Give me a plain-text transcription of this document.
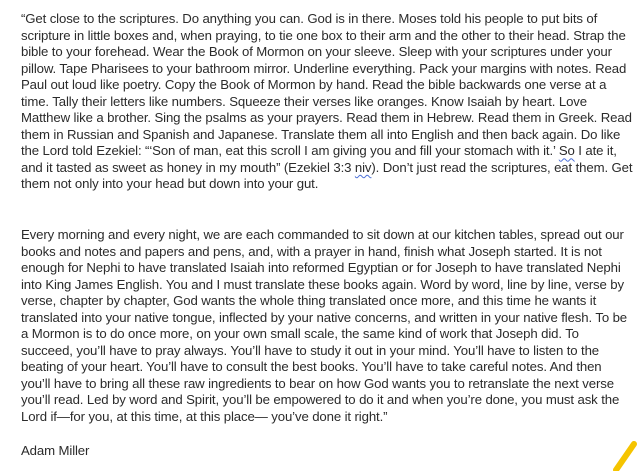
“Get close to the scriptures. Do anything you can. God is in there. Moses told his people to put bits of scripture in little boxes and, when praying, to tie one box to their arm and the other to their head. Strap the bible to your forehead. Wear the Book of Mormon on your sleeve. Sleep with your scriptures under your pillow. Tape Pharisees to your bathroom mirror. Underline everything. Pack your margins with notes. Read Paul out loud like poetry. Copy the Book of Mormon by hand. Read the bible backwards one verse at a time. Tally their letters like numbers. Squeeze their verses like oranges. Know Isaiah by heart. Love Matthew like a brother. Sing the psalms as your prayers. Read them in Hebrew. Read them in Greek. Read them in Russian and Spanish and Japanese. Translate them all into English and then back again. Do like the Lord told Ezekiel: “‘Son of man, eat this scroll I am giving you and fill your stomach with it.’ So I ate it, and it tasted as sweet as honey in my mouth” (Ezekiel 3:3 niv). Don’t just read the scriptures, eat them. Get them not only into your head but down into your gut.

Every morning and every night, we are each commanded to sit down at our kitchen tables, spread out our books and notes and papers and pens, and, with a prayer in hand, finish what Joseph started. It is not enough for Nephi to have translated Isaiah into reformed Egyptian or for Joseph to have translated Nephi into King James English. You and I must translate these books again. Word by word, line by line, verse by verse, chapter by chapter, God wants the whole thing translated once more, and this time he wants it translated into your native tongue, inflected by your native concerns, and written in your native flesh. To be a Mormon is to do once more, on your own small scale, the same kind of work that Joseph did. To succeed, you’ll have to pray always. You’ll have to study it out in your mind. You’ll have to listen to the beating of your heart. You’ll have to consult the best books. You’ll have to take careful notes. And then you’ll have to bring all these raw ingredients to bear on how God wants you to retranslate the next verse you’ll read. Led by word and Spirit, you’ll be empowered to do it and when you’re done, you must ask the Lord if—for you, at this time, at this place— you’ve done it right.”

Adam Miller
